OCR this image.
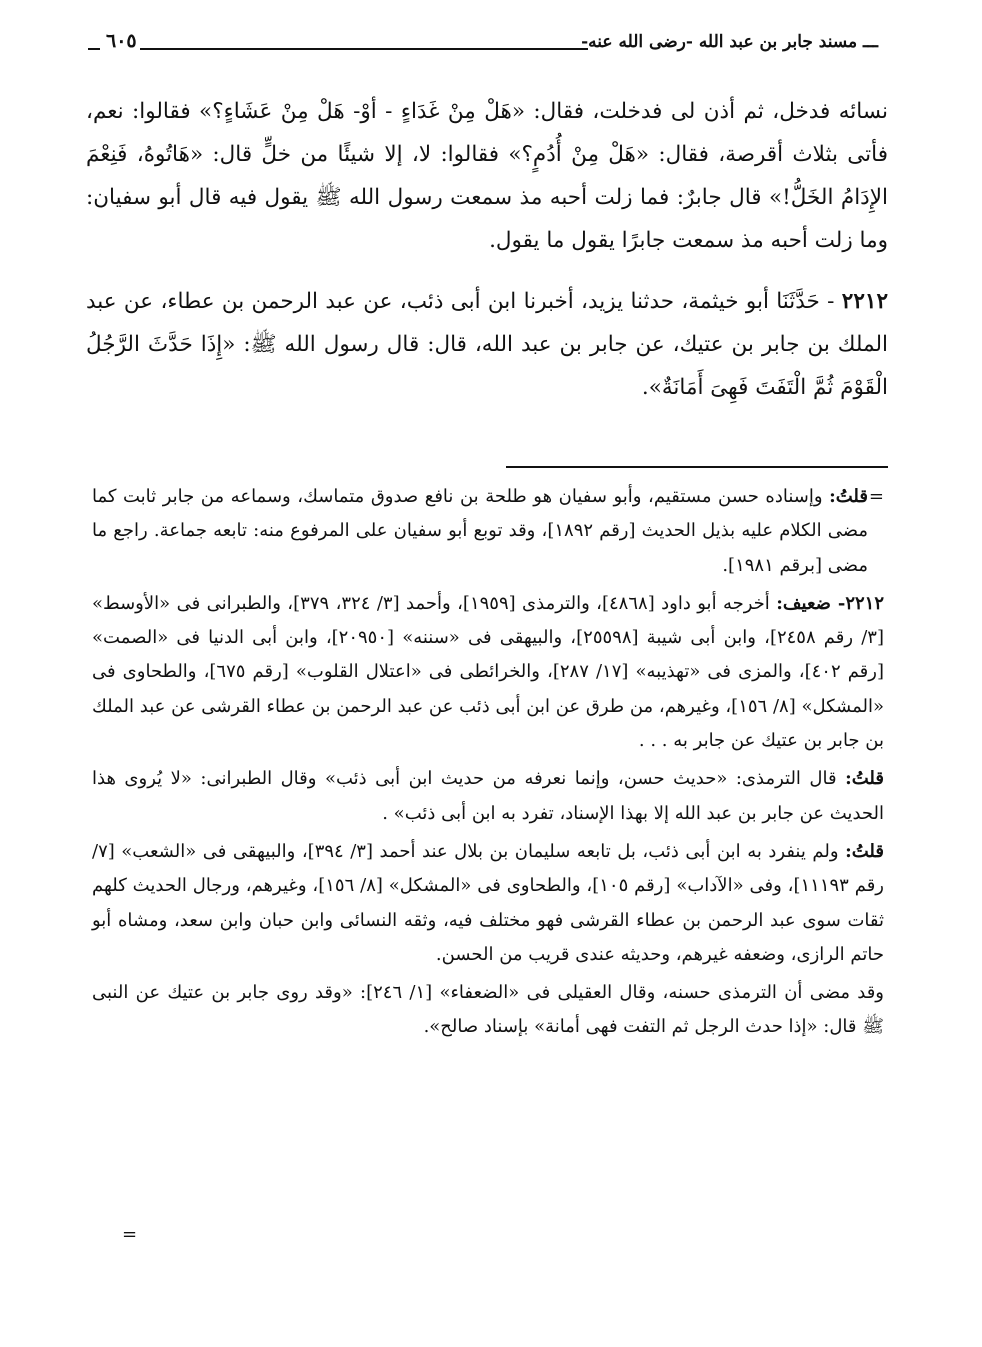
ـــ مسند جابر بن عبد الله -رضى الله عنه-
٦٠٥

نسائه فدخل، ثم أذن لى فدخلت، فقال: «هَلْ مِنْ غَدَاءٍ - أوْ- هَلْ مِنْ عَشَاءٍ؟» فقالوا: نعم، فأتى بثلاث أقرصة، فقال: «هَلْ مِنْ أُدُمٍ؟» فقالوا: لا، إلا شيئًا من خلٍّ قال: «هَاتُوهُ، فَنِعْمَ الإِدَامُ الخَلُّ!» قال جابرٌ: فما زلت أحبه مذ سمعت رسول الله ﷺ يقول فيه قال أبو سفيان: وما زلت أحبه مذ سمعت جابرًا يقول ما يقول.

٢٢١٢ - حَدَّثَنَا أبو خيثمة، حدثنا يزيد، أخبرنا ابن أبى ذئب، عن عبد الرحمن بن عطاء، عن عبد الملك بن جابر بن عتيك، عن جابر بن عبد الله، قال: قال رسول الله ﷺ: «إِذَا حَدَّثَ الرَّجُلُ الْقَوْمَ ثُمَّ الْتَفَتَ فَهِىَ أَمَانَةٌ».

=
قلتُ: وإسناده حسن مستقيم، وأبو سفيان هو طلحة بن نافع صدوق متماسك، وسماعه من جابر ثابت كما مضى الكلام عليه بذيل الحديث [رقم ١٨٩٢]، وقد توبع أبو سفيان على المرفوع منه: تابعه جماعة. راجع ما مضى [برقم ١٩٨١].

٢٢١٢- ضعيف: أخرجه أبو داود [٤٨٦٨]، والترمذى [١٩٥٩]، وأحمد [٣/ ٣٢٤، ٣٧٩]، والطبرانى فى «الأوسط» [٣/ رقم ٢٤٥٨]، وابن أبى شيبة [٢٥٥٩٨]، والبيهقى فى «سننه» [٢٠٩٥٠]، وابن أبى الدنيا فى «الصمت» [رقم ٤٠٢]، والمزى فى «تهذيبه» [١٧/ ٢٨٧]، والخرائطى فى «اعتلال القلوب» [رقم ٦٧٥]، والطحاوى فى «المشكل» [٨/ ١٥٦]، وغيرهم، من طرق عن ابن أبى ذئب عن عبد الرحمن بن عطاء القرشى عن عبد الملك بن جابر بن عتيك عن جابر به . . .

قلتُ: قال الترمذى: «حديث حسن، وإنما نعرفه من حديث ابن أبى ذئب» وقال الطبرانى: «لا يُروى هذا الحديث عن جابر بن عبد الله إلا بهذا الإسناد، تفرد به ابن أبى ذئب» .

قلتُ: ولم ينفرد به ابن أبى ذئب، بل تابعه سليمان بن بلال عند أحمد [٣/ ٣٩٤]، والبيهقى فى «الشعب» [٧/ رقم ١١١٩٣]، وفى «الآداب» [رقم ١٠٥]، والطحاوى فى «المشكل» [٨/ ١٥٦]، وغيرهم، ورجال الحديث كلهم ثقات سوى عبد الرحمن بن عطاء القرشى فهو مختلف فيه، وثقه النسائى وابن حبان وابن سعد، ومشاه أبو حاتم الرازى، وضعفه غيرهم، وحديثه عندى قريب من الحسن.

وقد مضى أن الترمذى حسنه، وقال العقيلى فى «الضعفاء» [١/ ٢٤٦]: «وقد روى جابر بن عتيك عن النبى ﷺ قال: «إذا حدث الرجل ثم التفت فهى أمانة» بإسناد صالح».

=
